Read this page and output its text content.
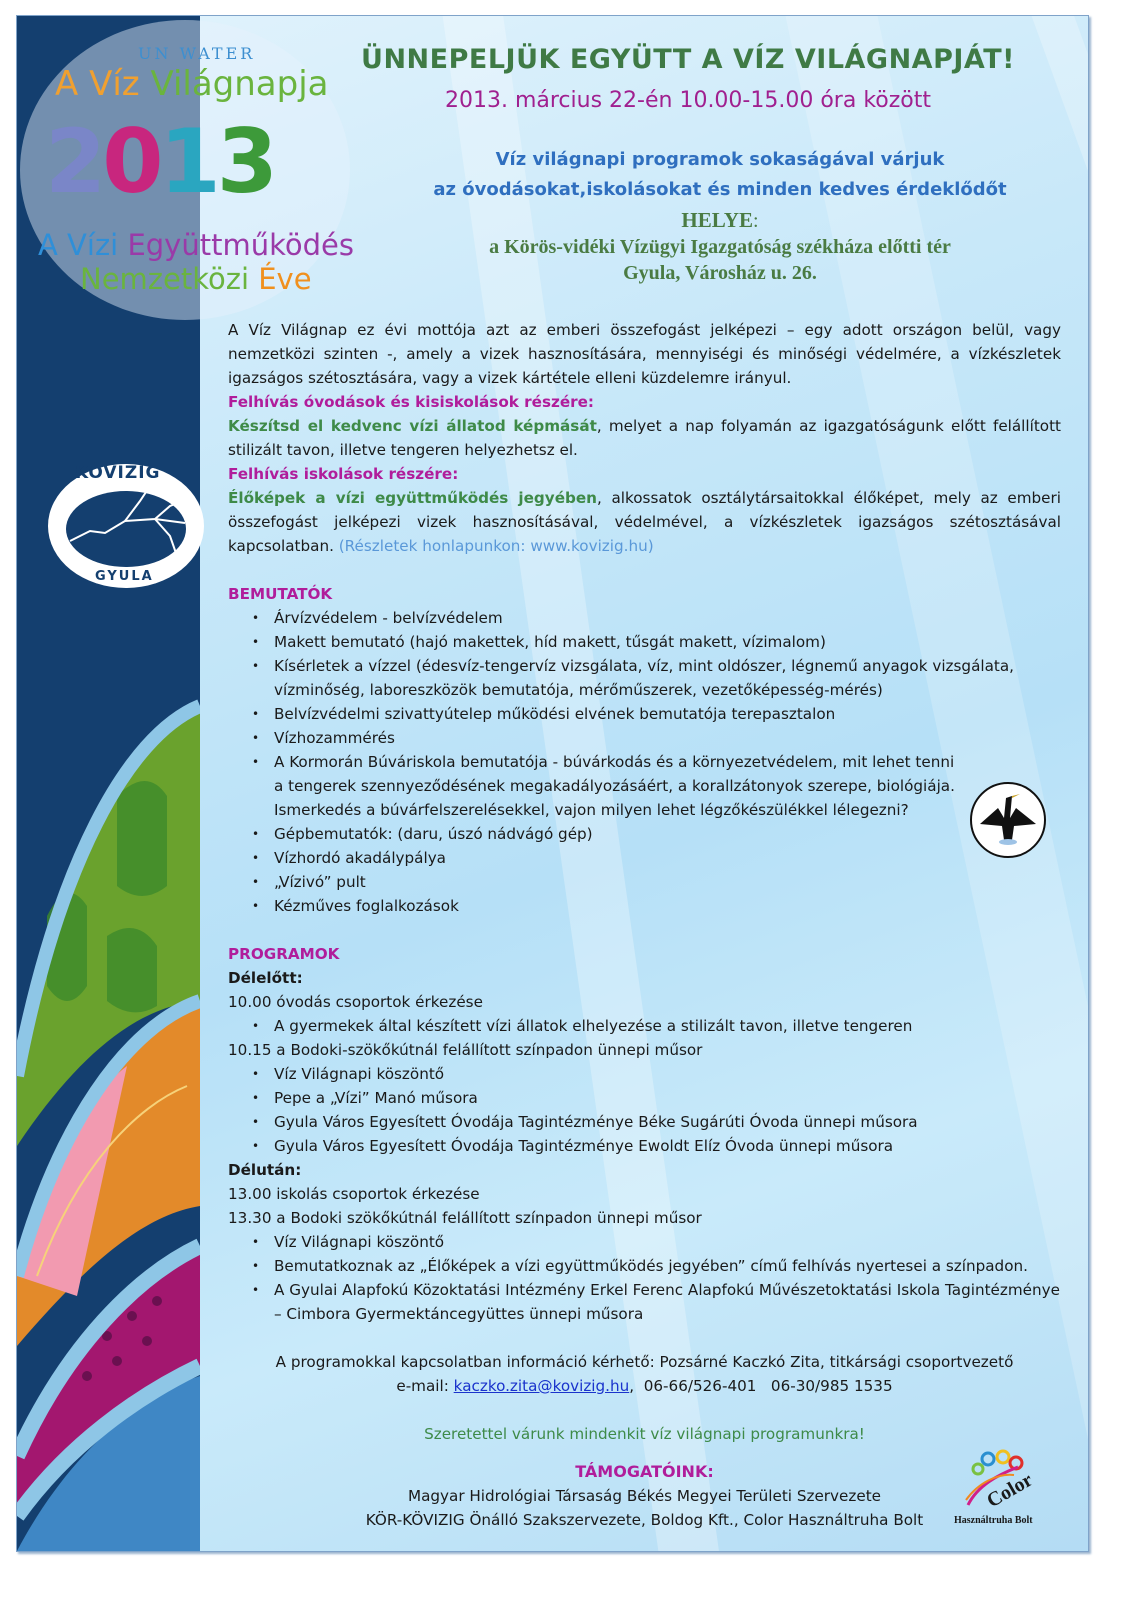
KÖVIZIG
GYULA
UN WATER
A Víz Világnapja
2013
A Vízi Együttműködés
Nemzetközi Éve
ÜNNEPELJÜK EGYÜTT A VÍZ VILÁGNAPJÁT!
2013. március 22-én 10.00-15.00 óra között
Víz világnapi programok sokaságával várjuk
az óvodásokat,iskolásokat és minden kedves érdeklődőt
HELYE:
a Körös-vidéki Vízügyi Igazgatóság székháza előtti tér
Gyula, Városház u. 26.

A Víz Világnap ez évi mottója azt az emberi összefogást jelképezi – egy adott országon belül, vagy nemzetközi szinten -, amely a vizek hasznosítására, mennyiségi és minőségi védelmére, a vízkészletek igazságos szétosztására, vagy a vizek kártétele elleni küzdelemre irányul.

Felhívás óvodások és kisiskolások részére:

Készítsd el kedvenc vízi állatod képmását, melyet a nap folyamán az igazgatóságunk előtt felállított stilizált tavon, illetve tengeren helyezhetsz el.

Felhívás iskolások részére:

Élőképek a vízi együttműködés jegyében, alkossatok osztálytársaitokkal élőképet, mely az emberi összefogást jelképezi vizek hasznosításával, védelmével, a vízkészletek igazságos szétosztásával kapcsolatban. (Részletek honlapunkon: www.kovizig.hu)

BEMUTATÓK

• Árvízvédelem - belvízvédelem
• Makett bemutató (hajó makettek, híd makett, tűsgát makett, vízimalom)
• Kísérletek a vízzel (édesvíz-tengervíz vizsgálata, víz, mint oldószer, légnemű anyagok vizsgálata, vízminőség, laboreszközök bemutatója, mérőműszerek, vezetőképesség-mérés)
• Belvízvédelmi szivattyútelep működési elvének bemutatója terepasztalon
• Vízhozammérés
• A Kormorán Búváriskola bemutatója - búvárkodás és a környezetvédelem, mit lehet tenni a tengerek szennyeződésének megakadályozásáért, a korallzátonyok szerepe, biológiája. Ismerkedés a búvárfelszerelésekkel, vajon milyen lehet légzőkészülékkel lélegezni?
• Gépbemutatók: (daru, úszó nádvágó gép)
• Vízhordó akadálypálya
• „Vízivó” pult
• Kézműves foglalkozások

PROGRAMOK

Délelőtt:

10.00 óvodás csoportok érkezése

• A gyermekek által készített vízi állatok elhelyezése a stilizált tavon, illetve tengeren

10.15 a Bodoki-szökőkútnál felállított színpadon ünnepi műsor

• Víz Világnapi köszöntő
• Pepe a „Vízi” Manó műsora
• Gyula Város Egyesített Óvodája Tagintézménye Béke Sugárúti Óvoda ünnepi műsora
• Gyula Város Egyesített Óvodája Tagintézménye Ewoldt Elíz Óvoda ünnepi műsora

Délután:

13.00 iskolás csoportok érkezése

13.30 a Bodoki szökőkútnál felállított színpadon ünnepi műsor

• Víz Világnapi köszöntő
• Bemutatkoznak az „Élőképek a vízi együttműködés jegyében” című felhívás nyertesei a színpadon.
• A Gyulai Alapfokú Közoktatási Intézmény Erkel Ferenc Alapfokú Művészetoktatási Iskola Tagintézménye – Cimbora Gyermektáncegyüttes ünnepi műsora

A programokkal kapcsolatban információ kérhető: Pozsárné Kaczkó Zita, titkársági csoportvezető

e-mail: kaczko.zita@kovizig.hu,  06-66/526-401   06-30/985 1535

Szeretettel várunk mindenkit víz világnapi programunkra!

TÁMOGATÓINK:

Magyar Hidrológiai Társaság Békés Megyei Területi Szervezete

KÖR-KÖVIZIG Önálló Szakszervezete, Boldog Kft., Color Használtruha Bolt

Color
Használtruha Bolt
